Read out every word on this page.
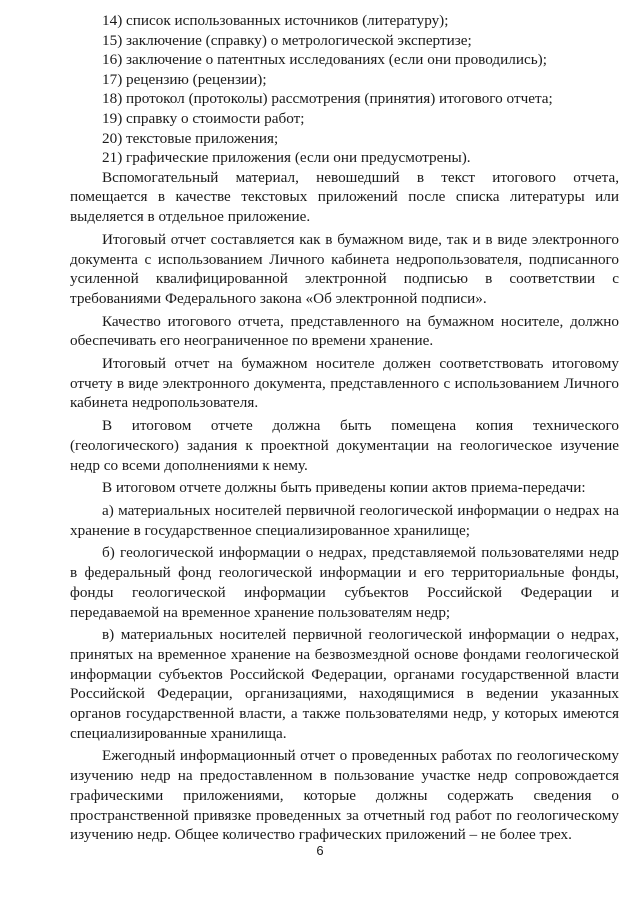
14) список использованных источников (литературу);
15) заключение (справку) о метрологической экспертизе;
16) заключение о патентных исследованиях (если они проводились);
17) рецензию (рецензии);
18) протокол (протоколы) рассмотрения (принятия) итогового отчета;
19) справку о стоимости работ;
20) текстовые приложения;
21) графические приложения (если они предусмотрены).

Вспомогательный материал, невошедший в текст итогового отчета, помещается в качестве текстовых приложений после списка литературы или выделяется в отдельное приложение.

Итоговый отчет составляется как в бумажном виде, так и в виде электронного документа с использованием Личного кабинета недропользователя, подписанного усиленной квалифицированной электронной подписью в соответствии с требованиями Федерального закона «Об электронной подписи».

Качество итогового отчета, представленного на бумажном носителе, должно обеспечивать его неограниченное по времени хранение.

Итоговый отчет на бумажном носителе должен соответствовать итоговому отчету в виде электронного документа, представленного с использованием Личного кабинета недропользователя.

В итоговом отчете должна быть помещена копия технического (геологического) задания к проектной документации на геологическое изучение недр со всеми дополнениями к нему.

В итоговом отчете должны быть приведены копии актов приема-передачи:

а) материальных носителей первичной геологической информации о недрах на хранение в государственное специализированное хранилище;

б) геологической информации о недрах, представляемой пользователями недр в федеральный фонд геологической информации и его территориальные фонды, фонды геологической информации субъектов Российской Федерации и передаваемой на временное хранение пользователям недр;

в) материальных носителей первичной геологической информации о недрах, принятых на временное хранение на безвозмездной основе фондами геологической информации субъектов Российской Федерации, органами государственной власти Российской Федерации, организациями, находящимися в ведении указанных органов государственной власти, а также пользователями недр, у которых имеются специализированные хранилища.

Ежегодный информационный отчет о проведенных работах по геологическому изучению недр на предоставленном в пользование участке недр сопровождается графическими приложениями, которые должны содержать сведения о пространственной привязке проведенных за отчетный год работ по геологическому изучению недр. Общее количество графических приложений – не более трех.

6
